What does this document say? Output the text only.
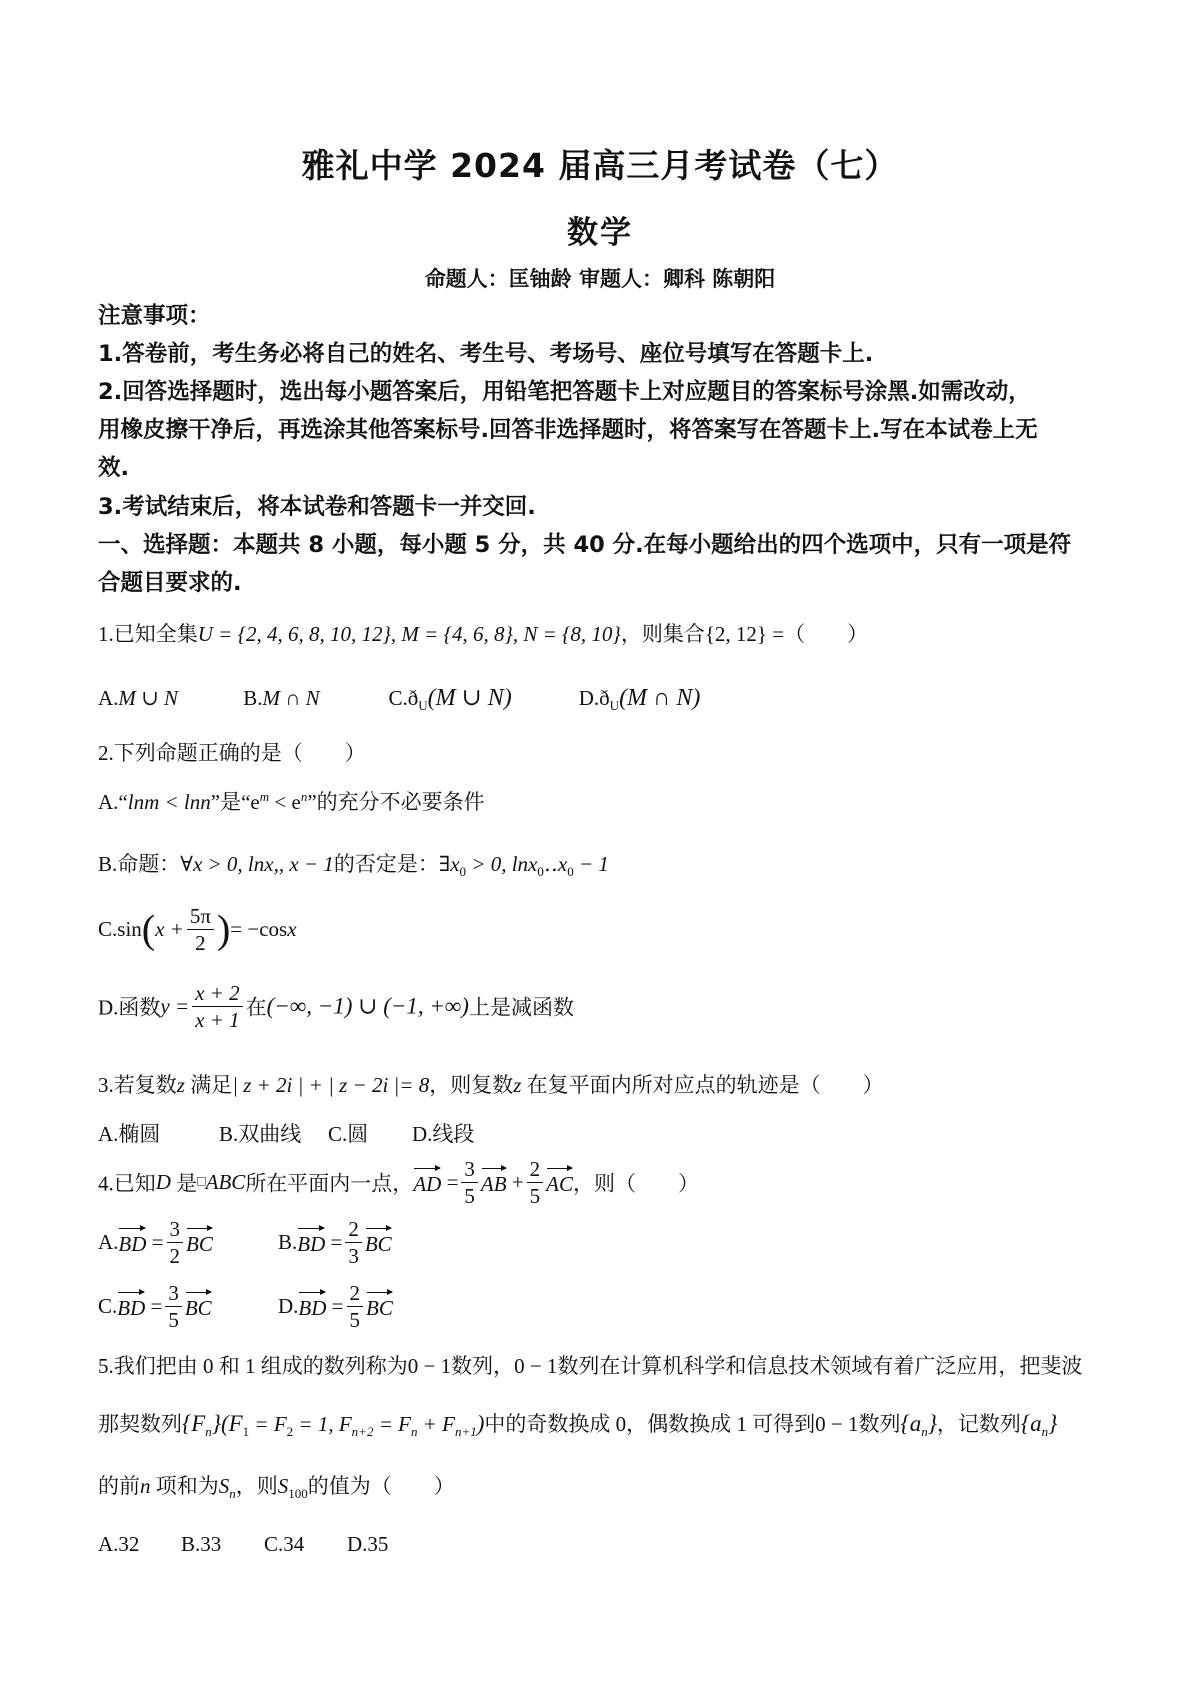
雅礼中学 2024 届高三月考试卷（七）
数学
命题人：匡铀龄 审题人：卿科 陈朝阳
注意事项：
1.答卷前，考生务必将自己的姓名、考生号、考场号、座位号填写在答题卡上.
2.回答选择题时，选出每小题答案后，用铅笔把答题卡上对应题目的答案标号涂黑.如需改动，
用橡皮擦干净后，再选涂其他答案标号.回答非选择题时，将答案写在答题卡上.写在本试卷上无
效.
3.考试结束后，将本试卷和答题卡一并交回.
一、选择题：本题共 8 小题，每小题 5 分，共 40 分.在每小题给出的四个选项中，只有一项是符
合题目要求的.
1.已知全集U = {2, 4, 6, 8, 10, 12}, M = {4, 6, 8}, N = {8, 10}，则集合{2, 12} =（　　）
A.M ∪ N	B.M ∩ N	$C.ð_U(M$ ∪ N)	$D.ð_U(M$ ∩ N)
2.下列命题正确的是（　　）
A.“lnm < lnn”是“$e^m < e^n$”的充分不必要条件
B.命题：∀x > 0, lnx,, x − 1的否定是：$\exists x_0 > 0$, $\ln x_0‥x_0 - 1$
$C.\sin(x + \frac{5\pi}{2}$ )= −cosx
D.函数$y = \frac{x + 2}{x + 1}$ 在(−∞, −1) ∪ (−1, +∞)上是减函数
3.若复数z 满足| z + 2i | + | z − 2i |= 8，则复数z 在复平面内所对应点的轨迹是（　　）
A.椭圆	B.双曲线 C.圆 D.线段
4.已知D 是□ABC所在平面内一点，AD = $\frac{3}{5}$ AB + $\frac{2}{5}$ AC，则（　　）
$A.BD = \frac{3}{2}$ BC	$B.BD = \frac{2}{3}$ BC
$C.BD = \frac{3}{5}$ BC	$D.BD = \frac{2}{5}$ BC
5.我们把由 0 和 1 组成的数列称为0 − 1数列，0 − 1数列在计算机科学和信息技术领域有着广泛应用，把斐波
那契数列$\{F_n\}(F_1 = F_2 = 1$, $F_{n+2} = F_n + F_{n+1}$)中的奇数换成 0，偶数换成 1 可得到0 − 1数列$\{a_n\}$，记数列$\{a_n\}$
的前n 项和为$S_n$，则$S_{100}$的值为（　　）
A.32 B.33 C.34 D.35
